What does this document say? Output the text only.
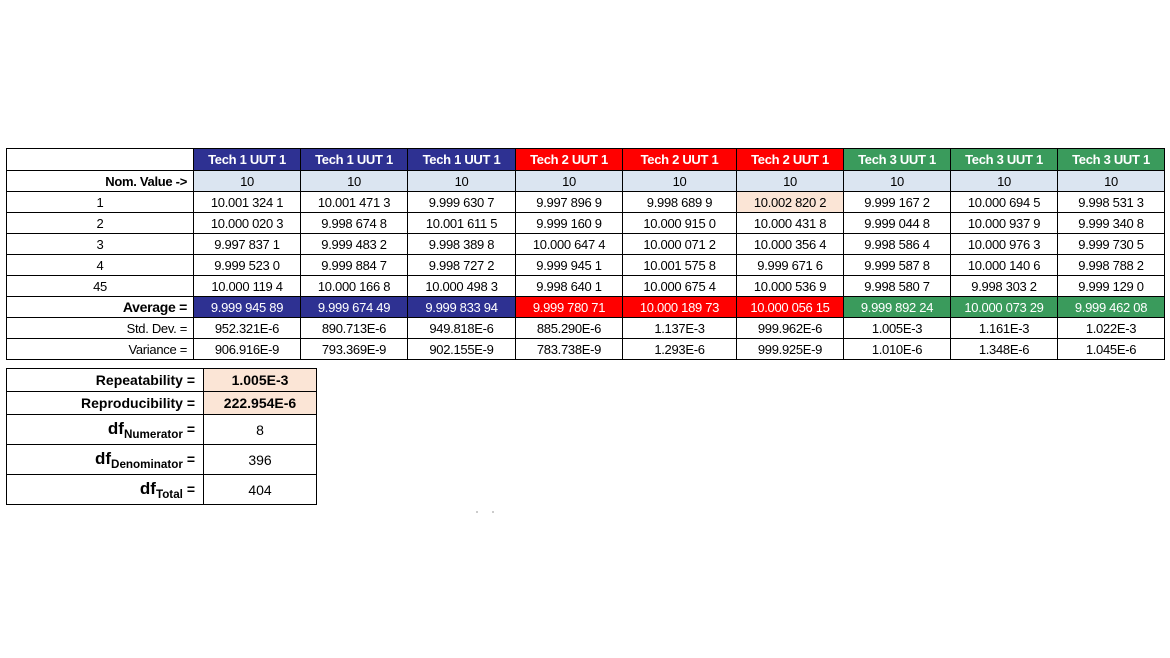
	Tech 1 UUT 1	Tech 1 UUT 1	Tech 1 UUT 1	Tech 2 UUT 1	Tech 2 UUT 1	Tech 2 UUT 1	Tech 3 UUT 1	Tech 3 UUT 1	Tech 3 UUT 1
Nom. Value ->	10	10	10	10	10	10	10	10	10
1	10.001 324 1	10.001 471 3	9.999 630 7	9.997 896 9	9.998 689 9	10.002 820 2	9.999 167 2	10.000 694 5	9.998 531 3
2	10.000 020 3	9.998 674 8	10.001 611 5	9.999 160 9	10.000 915 0	10.000 431 8	9.999 044 8	10.000 937 9	9.999 340 8
3	9.997 837 1	9.999 483 2	9.998 389 8	10.000 647 4	10.000 071 2	10.000 356 4	9.998 586 4	10.000 976 3	9.999 730 5
4	9.999 523 0	9.999 884 7	9.998 727 2	9.999 945 1	10.001 575 8	9.999 671 6	9.999 587 8	10.000 140 6	9.998 788 2
45	10.000 119 4	10.000 166 8	10.000 498 3	9.998 640 1	10.000 675 4	10.000 536 9	9.998 580 7	9.998 303 2	9.999 129 0
Average =	9.999 945 89	9.999 674 49	9.999 833 94	9.999 780 71	10.000 189 73	10.000 056 15	9.999 892 24	10.000 073 29	9.999 462 08
Std. Dev. =	952.321E-6	890.713E-6	949.818E-6	885.290E-6	1.137E-3	999.962E-6	1.005E-3	1.161E-3	1.022E-3
Variance =	906.916E-9	793.369E-9	902.155E-9	783.738E-9	1.293E-6	999.925E-9	1.010E-6	1.348E-6	1.045E-6
Repeatability =	1.005E-3
Reproducibility =	222.954E-6
$df_{Numerator}$ =	8
$df_{Denominator}$ =	396
$df_{Total}$ =	404
